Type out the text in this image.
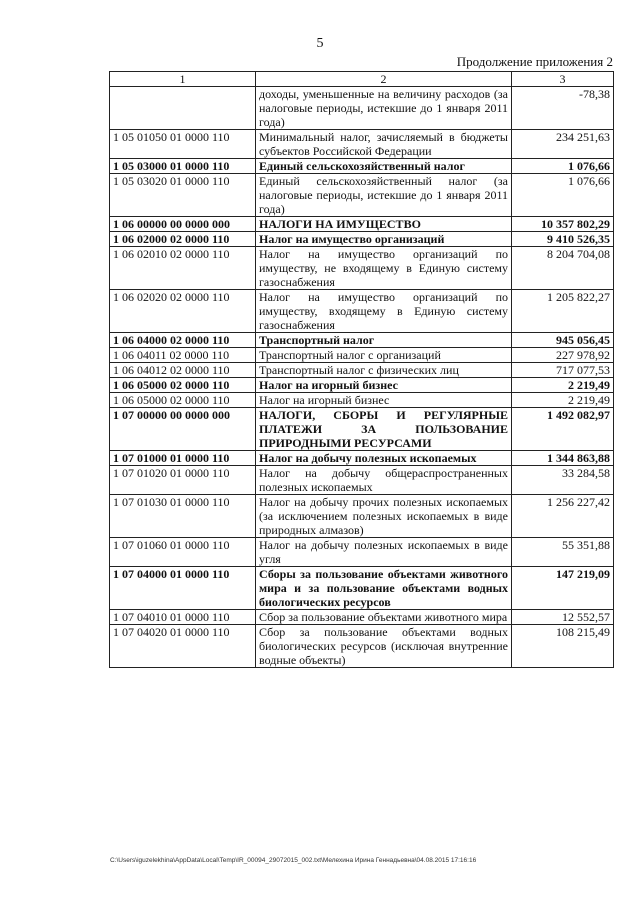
5
Продолжение приложения 2
1	2	3
	доходы, уменьшенные на величину расходов (за налоговые периоды, истекшие до 1 января 2011 года)	-78,38
1 05 01050 01 0000 110	Минимальный налог, зачисляемый в бюджеты субъектов Российской Федерации	234 251,63
1 05 03000 01 0000 110	Единый сельскохозяйственный налог	1 076,66
1 05 03020 01 0000 110	Единый сельскохозяйственный налог (за налоговые периоды, истекшие до 1 января 2011 года)	1 076,66
1 06 00000 00 0000 000	НАЛОГИ НА ИМУЩЕСТВО	10 357 802,29
1 06 02000 02 0000 110	Налог на имущество организаций	9 410 526,35
1 06 02010 02 0000 110	Налог на имущество организаций по имуществу, не входящему в Единую систему газоснабжения	8 204 704,08
1 06 02020 02 0000 110	Налог на имущество организаций по имуществу, входящему в Единую систему газоснабжения	1 205 822,27
1 06 04000 02 0000 110	Транспортный налог	945 056,45
1 06 04011 02 0000 110	Транспортный налог с организаций	227 978,92
1 06 04012 02 0000 110	Транспортный налог с физических лиц	717 077,53
1 06 05000 02 0000 110	Налог на игорный бизнес	2 219,49
1 06 05000 02 0000 110	Налог на игорный бизнес	2 219,49
1 07 00000 00 0000 000	НАЛОГИ, СБОРЫ И РЕГУЛЯРНЫЕ ПЛАТЕЖИ ЗА ПОЛЬЗОВАНИЕ ПРИРОДНЫМИ РЕСУРСАМИ	1 492 082,97
1 07 01000 01 0000 110	Налог на добычу полезных ископаемых	1 344 863,88
1 07 01020 01 0000 110	Налог на добычу общераспространенных полезных ископаемых	33 284,58
1 07 01030 01 0000 110	Налог на добычу прочих полезных ископаемых (за исключением полезных ископаемых в виде природных алмазов)	1 256 227,42
1 07 01060 01 0000 110	Налог на добычу полезных ископаемых в виде угля	55 351,88
1 07 04000 01 0000 110	Сборы за пользование объектами животного мира и за пользование объектами водных биологических ресурсов	147 219,09
1 07 04010 01 0000 110	Сбор за пользование объектами животного мира	12 552,57
1 07 04020 01 0000 110	Сбор за пользование объектами водных биологических ресурсов (исключая внутренние водные объекты)	108 215,49
C:\Users\iguzelekhina\AppData\Local\Temp\IR_00094_29072015_002.txt\Мелехина Ирина Геннадьевна\04.08.2015 17:16:16
